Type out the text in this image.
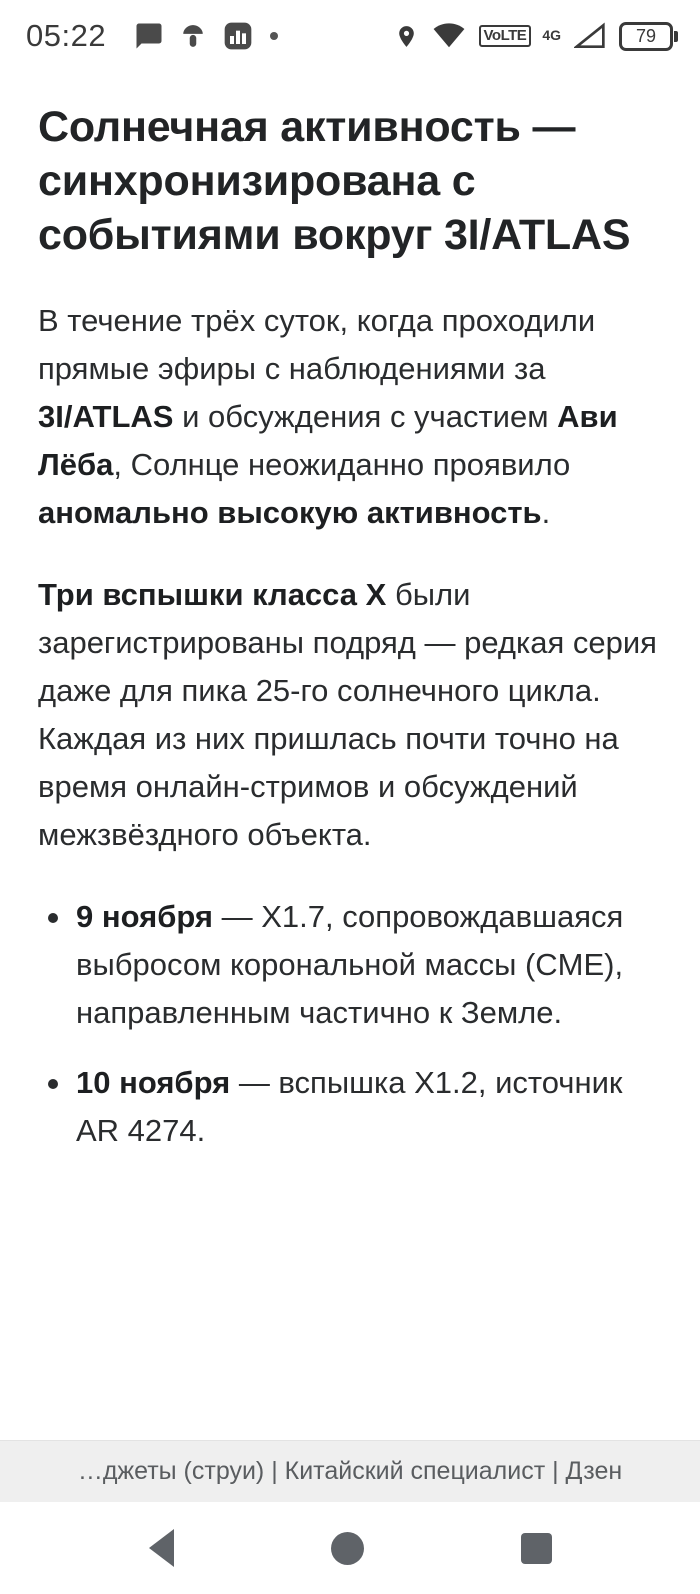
05:22	VoLTE	4G	79
Солнечная активность — синхронизирована с событиями вокруг 3I/ATLAS

В течение трёх суток, когда проходили прямые эфиры с наблюдениями за 3I/ATLAS и обсуждения с участием Ави Лёба, Солнце неожиданно проявило аномально высокую активность.

Три вспышки класса X были зарегистрированы подряд — редкая серия даже для пика 25-го солнечного цикла. Каждая из них пришлась почти точно на время онлайн-стримов и обсуждений межзвёздного объекта.

9 ноября — X1.7, сопровождавшаяся выбросом корональной массы (CME), направленным частично к Земле.
10 ноября — вспышка X1.2, источник AR 4274.
…джеты (струи) | Китайский специалист | Дзен
